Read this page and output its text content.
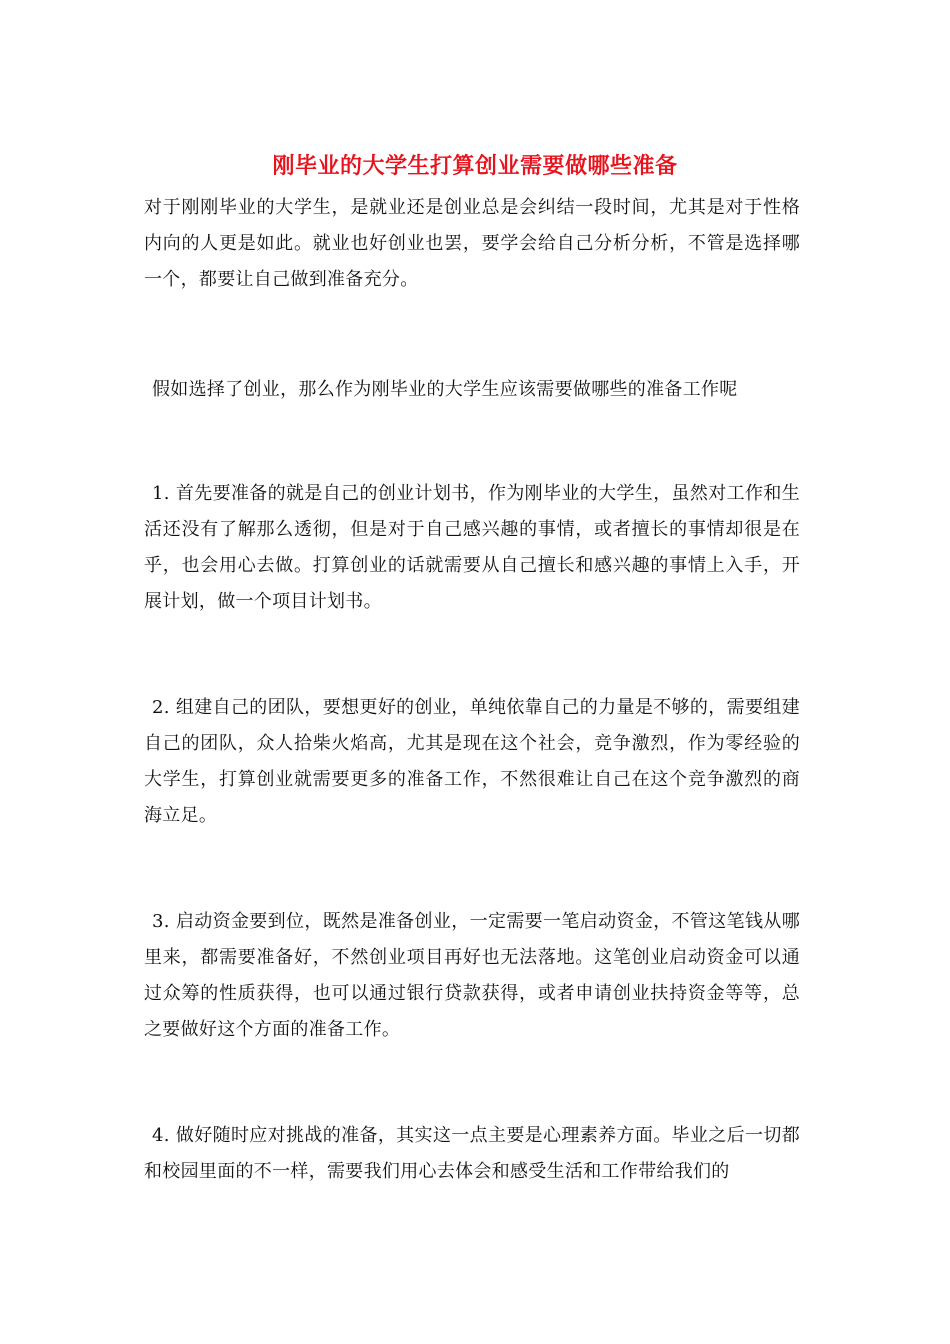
刚毕业的大学生打算创业需要做哪些准备

对于刚刚毕业的大学生，是就业还是创业总是会纠结一段时间，尤其是对于性格内向的人更是如此。就业也好创业也罢，要学会给自己分析分析，不管是选择哪一个，都要让自己做到准备充分。

假如选择了创业，那么作为刚毕业的大学生应该需要做哪些的准备工作呢

1. 首先要准备的就是自己的创业计划书，作为刚毕业的大学生，虽然对工作和生活还没有了解那么透彻，但是对于自己感兴趣的事情，或者擅长的事情却很是在乎，也会用心去做。打算创业的话就需要从自己擅长和感兴趣的事情上入手，开展计划，做一个项目计划书。

2. 组建自己的团队，要想更好的创业，单纯依靠自己的力量是不够的，需要组建自己的团队，众人拾柴火焰高，尤其是现在这个社会，竞争激烈，作为零经验的大学生，打算创业就需要更多的准备工作，不然很难让自己在这个竞争激烈的商海立足。

3. 启动资金要到位，既然是准备创业，一定需要一笔启动资金，不管这笔钱从哪里来，都需要准备好，不然创业项目再好也无法落地。这笔创业启动资金可以通过众筹的性质获得，也可以通过银行贷款获得，或者申请创业扶持资金等等，总之要做好这个方面的准备工作。

4. 做好随时应对挑战的准备，其实这一点主要是心理素养方面。毕业之后一切都和校园里面的不一样，需要我们用心去体会和感受生活和工作带给我们的
